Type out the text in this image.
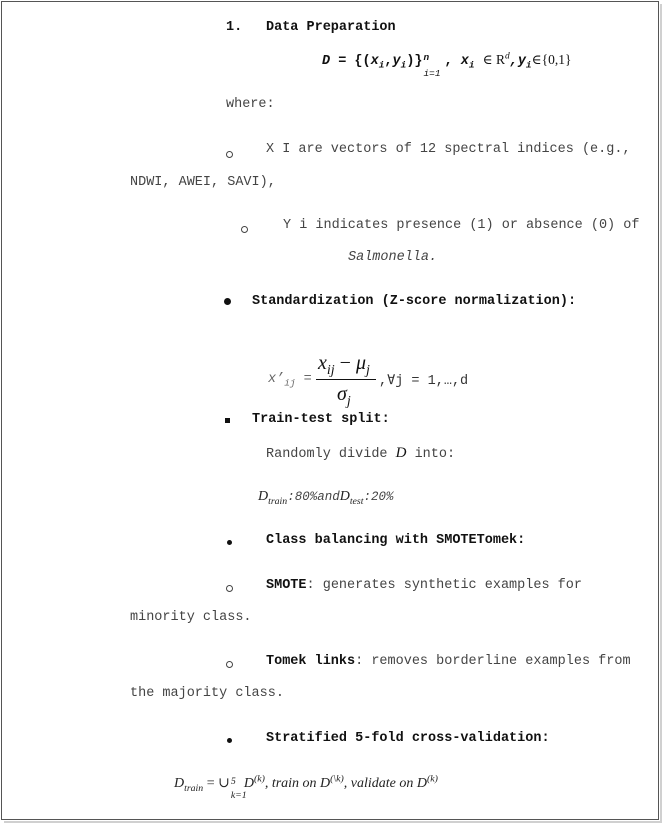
1. Data Preparation
$D = \{(x_i,y_i)\}$ n , $x_i$ ∈ $R^d,y_i\in\{0,1\}$
where:
X I are vectors of 12 spectral indices (e.g.,
NDWI, AWEI, SAVI),
Y i indicates presence (1) or absence (0) of
Salmonella.
Standardization (Z-score normalization):
$x’_{ij}$ =
$x_{ij} - \mu_j$
$\sigma_j$
,∀j = 1,…,d
Train-test split:
Randomly divide D into:
$D_{train}:80\%andD_{test}:20\%$
Class balancing with SMOTETomek:
SMOTE: generates synthetic examples for
minority class.
Tomek links: removes borderline examples from
the majority class.
Stratified 5-fold cross-validation:
$D_{train}$ = ∪ 5 $D^{(k)}$, train on $D^{(\backslash k)}$, validate on $D^{(k)}$
